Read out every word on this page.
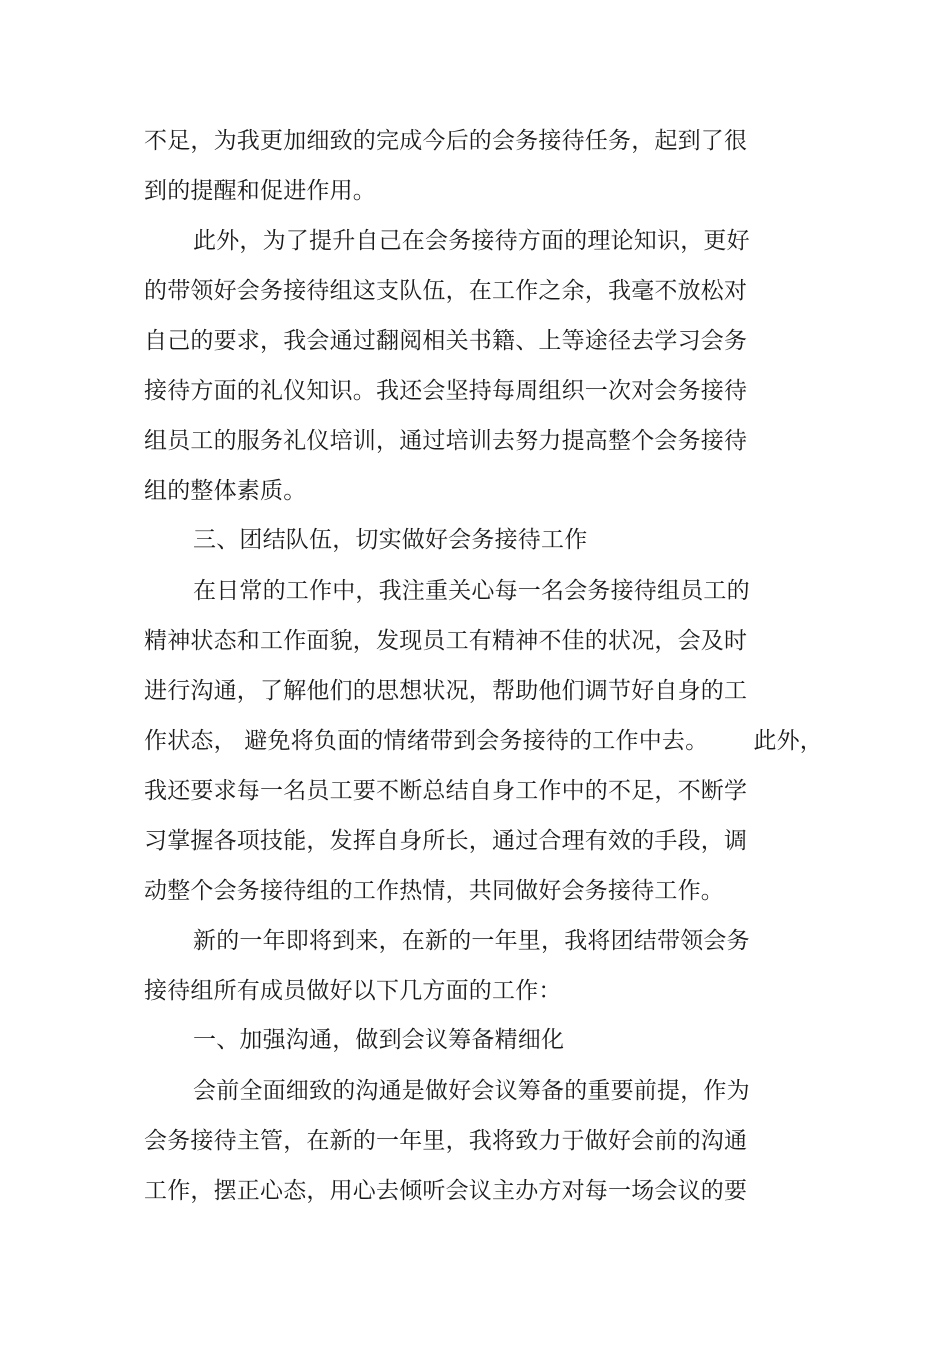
不足，为我更加细致的完成今后的会务接待任务，起到了很
到的提醒和促进作用。
此外，为了提升自己在会务接待方面的理论知识，更好
的带领好会务接待组这支队伍，在工作之余，我毫不放松对
自己的要求，我会通过翻阅相关书籍、上等途径去学习会务
接待方面的礼仪知识。我还会坚持每周组织一次对会务接待
组员工的服务礼仪培训，通过培训去努力提高整个会务接待
组的整体素质。
三、团结队伍，切实做好会务接待工作
在日常的工作中，我注重关心每一名会务接待组员工的
精神状态和工作面貌，发现员工有精神不佳的状况，会及时
进行沟通，了解他们的思想状况，帮助他们调节好自身的工
作状态， 避免将负面的情绪带到会务接待的工作中去。      此外，
我还要求每一名员工要不断总结自身工作中的不足，不断学
习掌握各项技能，发挥自身所长，通过合理有效的手段，调
动整个会务接待组的工作热情，共同做好会务接待工作。
新的一年即将到来，在新的一年里，我将团结带领会务
接待组所有成员做好以下几方面的工作：
一、加强沟通，做到会议筹备精细化
会前全面细致的沟通是做好会议筹备的重要前提，作为
会务接待主管，在新的一年里，我将致力于做好会前的沟通
工作，摆正心态，用心去倾听会议主办方对每一场会议的要
